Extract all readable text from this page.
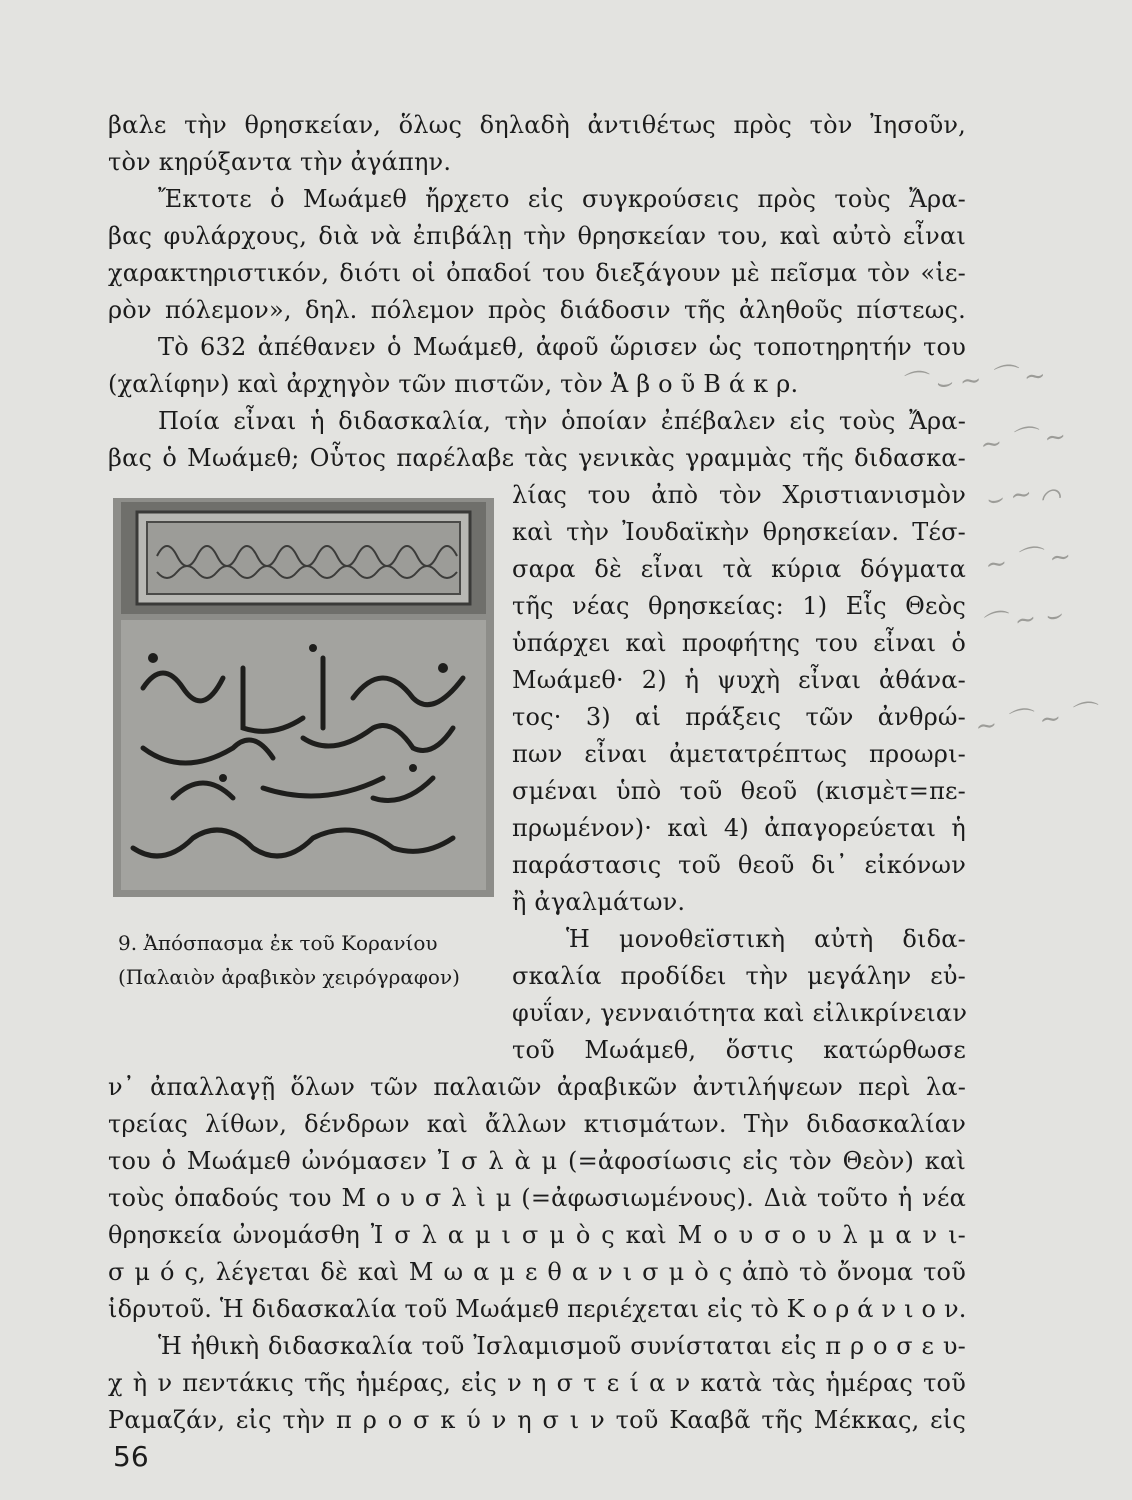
βαλε τὴν θρησκείαν, ὅλως δηλαδὴ ἀντιθέτως πρὸς τὸν Ἰησοῦν,
τὸν κηρύξαντα τὴν ἀγάπην.
Ἔκτοτε ὁ Μωάμεθ ἤρχετο εἰς συγκρούσεις πρὸς τοὺς Ἄρα-
βας φυλάρχους, διὰ νὰ ἐπιβάλῃ τὴν θρησκείαν του, καὶ αὐτὸ εἶναι
χαρακτηριστικόν, διότι οἱ ὀπαδοί του διεξάγουν μὲ πεῖσμα τὸν «ἱε-
ρὸν πόλεμον», δηλ. πόλεμον πρὸς διάδοσιν τῆς ἀληθοῦς πίστεως.
Τὸ 632 ἀπέθανεν ὁ Μωάμεθ, ἀφοῦ ὥρισεν ὡς τοποτηρητήν του
(χαλίφην) καὶ ἀρχηγὸν τῶν πιστῶν, τὸν Ἀ β ο ῦ Β ά κ ρ.
Ποία εἶναι ἡ διδασκαλία, τὴν ὁποίαν ἐπέβαλεν εἰς τοὺς Ἄρα-
βας ὁ Μωάμεθ; Οὗτος παρέλαβε τὰς γενικὰς γραμμὰς τῆς διδασκα-
λίας του ἀπὸ τὸν Χριστιανισμὸν
καὶ τὴν Ἰουδαϊκὴν θρησκείαν. Τέσ-
σαρα δὲ εἶναι τὰ κύρια δόγματα
τῆς νέας θρησκείας: 1) Εἷς Θεὸς
ὑπάρχει καὶ προφήτης του εἶναι ὁ
Μωάμεθ· 2) ἡ ψυχὴ εἶναι ἀθάνα-
τος· 3) αἱ πράξεις τῶν ἀνθρώ-
πων εἶναι ἀμετατρέπτως προωρι-
σμέναι ὑπὸ τοῦ θεοῦ (κισμὲτ=πε-
πρωμένον)· καὶ 4) ἀπαγορεύεται ἡ
παράστασις τοῦ θεοῦ δι᾽ εἰκόνων
ἢ ἀγαλμάτων.
Ἡ μονοθεϊστικὴ αὐτὴ διδα-
σκαλία προδίδει τὴν μεγάλην εὐ-
φυΐαν, γενναιότητα καὶ εἰλικρίνειαν
τοῦ Μωάμεθ, ὅστις κατώρθωσε
9. Ἀπόσπασμα ἐκ τοῦ Κορανίου
(Παλαιὸν ἀραβικὸν χειρόγραφον)
ν᾽ ἀπαλλαγῇ ὅλων τῶν παλαιῶν ἀραβικῶν ἀντιλήψεων περὶ λα-
τρείας λίθων, δένδρων καὶ ἄλλων κτισμάτων. Τὴν διδασκαλίαν
του ὁ Μωάμεθ ὠνόμασεν Ἰ σ λ ὰ μ (=ἀφοσίωσις εἰς τὸν Θεὸν) καὶ
τοὺς ὀπαδούς του Μ ο υ σ λ ὶ μ (=ἀφωσιωμένους). Διὰ τοῦτο ἡ νέα
θρησκεία ὠνομάσθη Ἰ σ λ α μ ι σ μ ὸ ς καὶ Μ ο υ σ ο υ λ μ α ν ι-
σ μ ό ς, λέγεται δὲ καὶ Μ ω α μ ε θ α ν ι σ μ ὸ ς ἀπὸ τὸ ὄνομα τοῦ
ἱδρυτοῦ. Ἡ διδασκαλία τοῦ Μωάμεθ περιέχεται εἰς τὸ Κ ο ρ ά ν ι ο ν.
Ἡ ἠθικὴ διδασκαλία τοῦ Ἰσλαμισμοῦ συνίσταται εἰς π ρ ο σ ε υ-
χ ὴ ν πεντάκις τῆς ἡμέρας, εἰς ν η σ τ ε ί α ν κατὰ τὰς ἡμέρας τοῦ
Ραμαζάν, εἰς τὴν π ρ ο σ κ ύ ν η σ ι ν τοῦ Κααβᾶ τῆς Μέκκας, εἰς
56
⌒ ⌣ ∼ ⌒ ∼
∼ ⌒ ∼
⌣ ∼ ⌒
∼ ⌒ ∼
⌒ ∼ ⌣
∼ ⌒ ∼ ⌒
